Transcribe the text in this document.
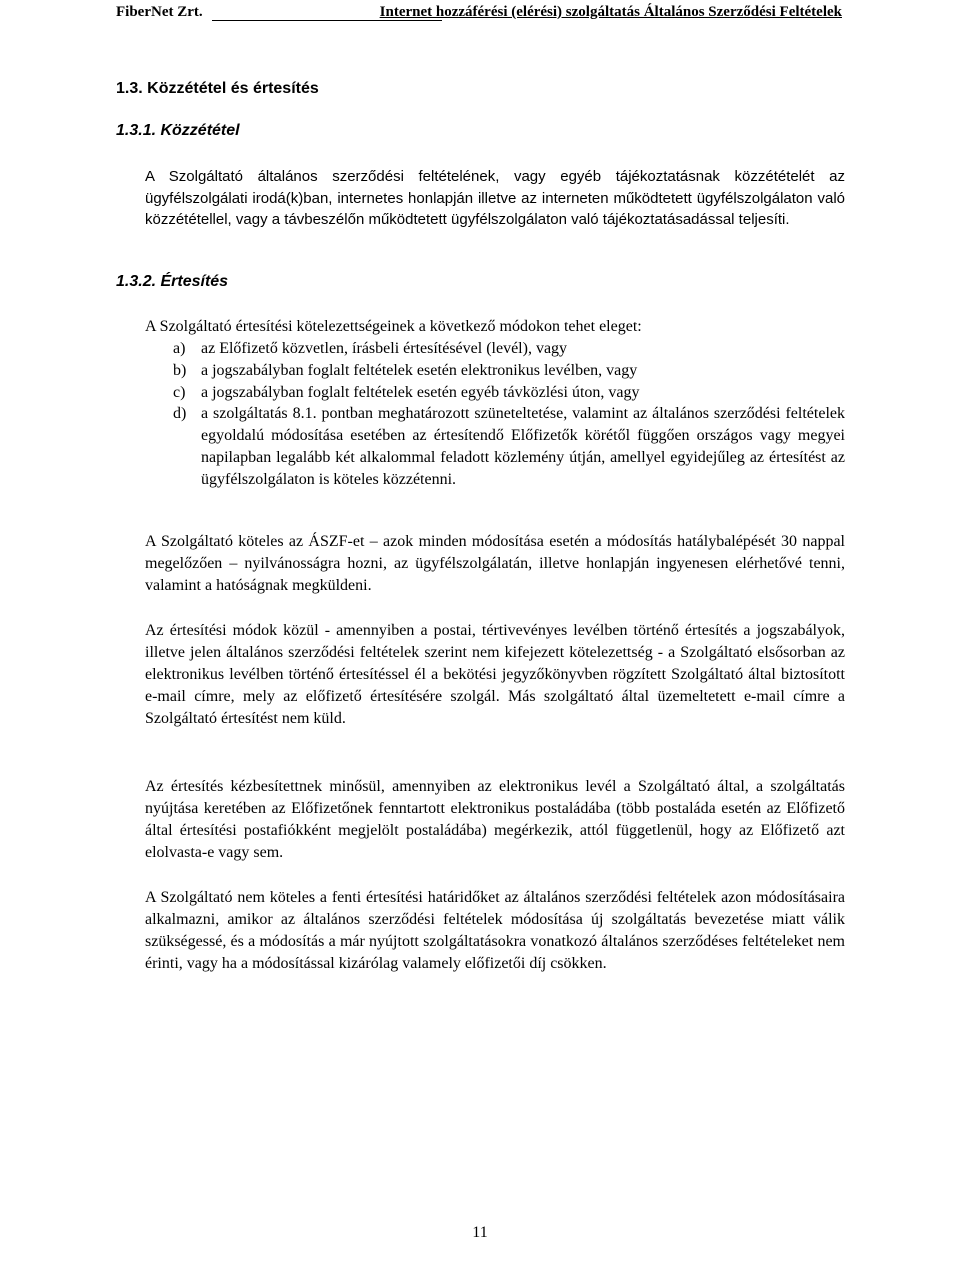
FiberNet Zrt.	Internet hozzáférési (elérési) szolgáltatás Általános Szerződési Feltételek
1.3. Közzététel és értesítés
1.3.1. Közzététel
A Szolgáltató általános szerződési feltételének, vagy egyéb tájékoztatásnak közzétételét az ügyfélszolgálati irodá(k)ban, internetes honlapján illetve az interneten működtetett ügyfélszolgálaton való közzététellel, vagy a távbeszélőn működtetett ügyfélszolgálaton való tájékoztatásadással teljesíti.
1.3.2. Értesítés
A Szolgáltató értesítési kötelezettségeinek a következő módokon tehet eleget:
a) az Előfizető közvetlen, írásbeli értesítésével (levél), vagy
b) a jogszabályban foglalt feltételek esetén elektronikus levélben, vagy
c) a jogszabályban foglalt feltételek esetén egyéb távközlési úton, vagy
d) a szolgáltatás 8.1. pontban meghatározott szüneteltetése, valamint az általános szerződési feltételek egyoldalú módosítása esetében az értesítendő Előfizetők körétől függően országos vagy megyei napilapban legalább két alkalommal feladott közlemény útján, amellyel egyidejűleg az értesítést az ügyfélszolgálaton is köteles közzétenni.
A Szolgáltató köteles az ÁSZF-et – azok minden módosítása esetén a módosítás hatálybalépését 30 nappal megelőzően – nyilvánosságra hozni, az ügyfélszolgálatán, illetve honlapján ingyenesen elérhetővé tenni, valamint a hatóságnak megküldeni.
Az értesítési módok közül - amennyiben a postai, tértivevényes levélben történő értesítés a jogszabályok, illetve jelen általános szerződési feltételek szerint nem kifejezett kötelezettség - a Szolgáltató elsősorban az elektronikus levélben történő értesítéssel él a bekötési jegyzőkönyvben rögzített Szolgáltató által biztosított e-mail címre, mely az előfizető értesítésére szolgál. Más szolgáltató által üzemeltetett e-mail címre a Szolgáltató értesítést nem küld.
Az értesítés kézbesítettnek minősül, amennyiben az elektronikus levél a Szolgáltató által, a szolgáltatás nyújtása keretében az Előfizetőnek fenntartott elektronikus postaládába (több postaláda esetén az Előfizető által értesítési postafiókként megjelölt postaládába) megérkezik, attól függetlenül, hogy az Előfizető azt elolvasta-e vagy sem.
A Szolgáltató nem köteles a fenti értesítési határidőket az általános szerződési feltételek azon módosításaira alkalmazni, amikor az általános szerződési feltételek módosítása új szolgáltatás bevezetése miatt válik szükségessé, és a módosítás a már nyújtott szolgáltatásokra vonatkozó általános szerződéses feltételeket nem érinti, vagy ha a módosítással kizárólag valamely előfizetői díj csökken.
11
